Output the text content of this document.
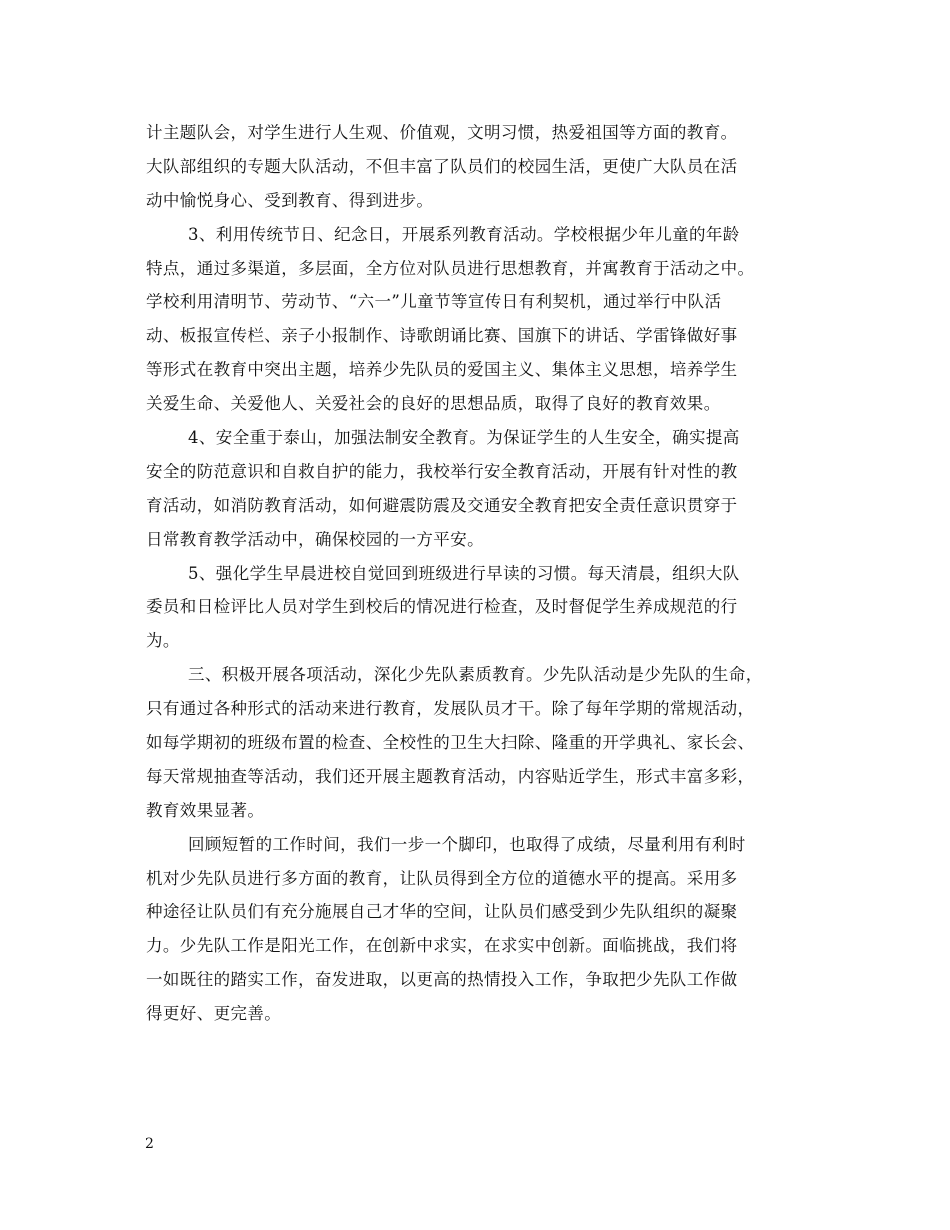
计主题队会，对学生进行人生观、价值观，文明习惯，热爱祖国等方面的教育。
大队部组织的专题大队活动，不但丰富了队员们的校园生活，更使广大队员在活
动中愉悦身心、受到教育、得到进步。
3、利用传统节日、纪念日，开展系列教育活动。学校根据少年儿童的年龄
特点，通过多渠道，多层面，全方位对队员进行思想教育，并寓教育于活动之中。
学校利用清明节、劳动节、“六一”儿童节等宣传日有利契机，通过举行中队活
动、板报宣传栏、亲子小报制作、诗歌朗诵比赛、国旗下的讲话、学雷锋做好事
等形式在教育中突出主题，培养少先队员的爱国主义、集体主义思想，培养学生
关爱生命、关爱他人、关爱社会的良好的思想品质，取得了良好的教育效果。
4、安全重于泰山，加强法制安全教育。为保证学生的人生安全，确实提高
安全的防范意识和自救自护的能力，我校举行安全教育活动，开展有针对性的教
育活动，如消防教育活动，如何避震防震及交通安全教育把安全责任意识贯穿于
日常教育教学活动中，确保校园的一方平安。
5、强化学生早晨进校自觉回到班级进行早读的习惯。每天清晨，组织大队
委员和日检评比人员对学生到校后的情况进行检查，及时督促学生养成规范的行
为。
三、积极开展各项活动，深化少先队素质教育。少先队活动是少先队的生命，
只有通过各种形式的活动来进行教育，发展队员才干。除了每年学期的常规活动，
如每学期初的班级布置的检查、全校性的卫生大扫除、隆重的开学典礼、家长会、
每天常规抽查等活动，我们还开展主题教育活动，内容贴近学生，形式丰富多彩，
教育效果显著。
回顾短暂的工作时间，我们一步一个脚印，也取得了成绩，尽量利用有利时
机对少先队员进行多方面的教育，让队员得到全方位的道德水平的提高。采用多
种途径让队员们有充分施展自己才华的空间，让队员们感受到少先队组织的凝聚
力。少先队工作是阳光工作，在创新中求实，在求实中创新。面临挑战，我们将
一如既往的踏实工作，奋发进取，以更高的热情投入工作，争取把少先队工作做
得更好、更完善。
2
